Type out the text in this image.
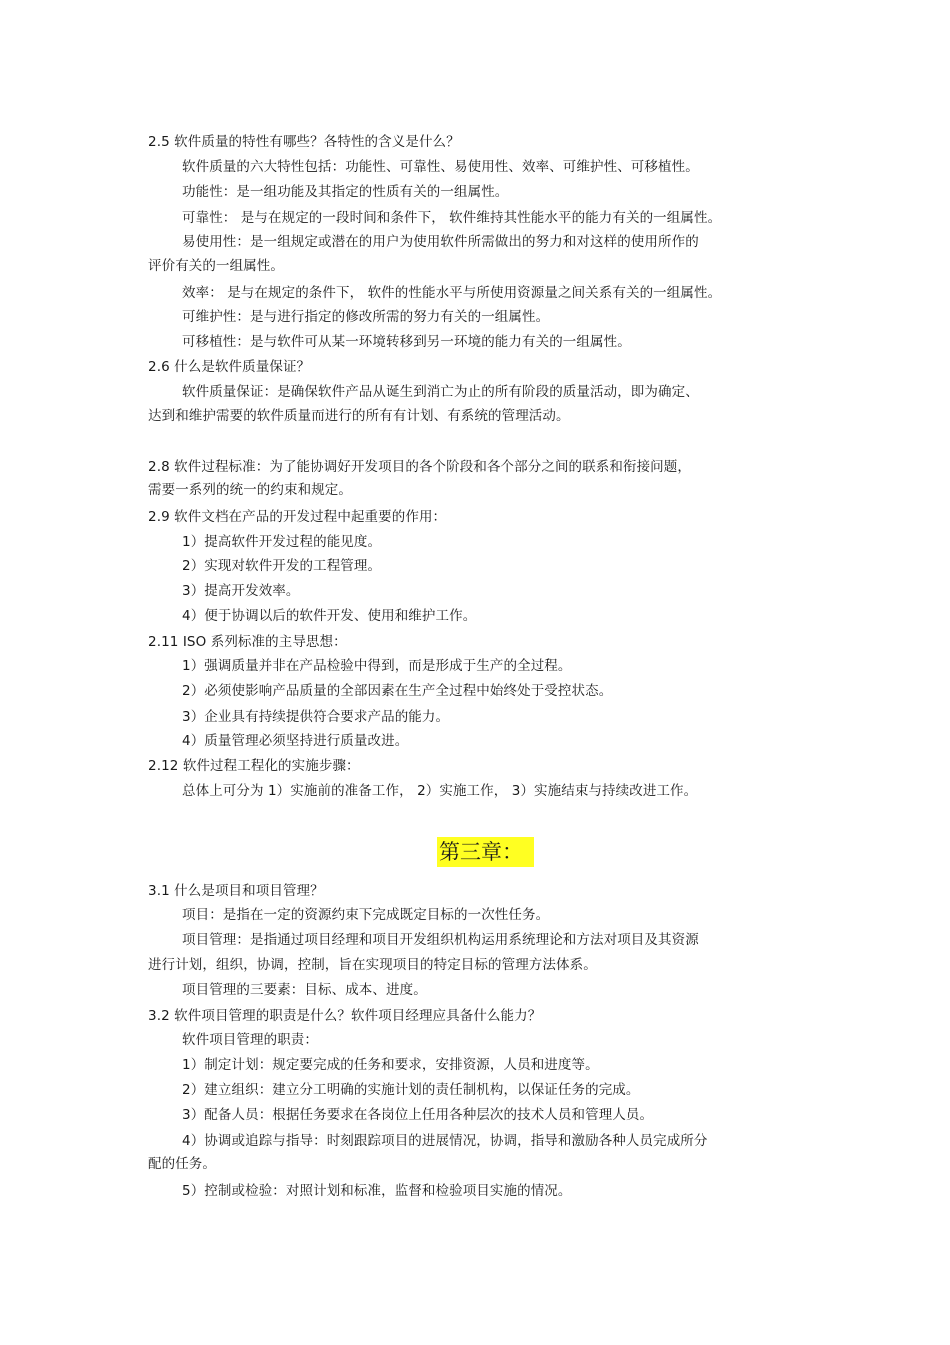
2.5 软件质量的特性有哪些？各特性的含义是什么？
软件质量的六大特性包括：功能性、可靠性、易使用性、效率、可维护性、可移植性。
功能性：是一组功能及其指定的性质有关的一组属性。
可靠性： 是与在规定的一段时间和条件下， 软件维持其性能水平的能力有关的一组属性。
易使用性：是一组规定或潜在的用户为使用软件所需做出的努力和对这样的使用所作的
评价有关的一组属性。
效率： 是与在规定的条件下， 软件的性能水平与所使用资源量之间关系有关的一组属性。
可维护性：是与进行指定的修改所需的努力有关的一组属性。
可移植性：是与软件可从某一环境转移到另一环境的能力有关的一组属性。
2.6 什么是软件质量保证？
软件质量保证：是确保软件产品从诞生到消亡为止的所有阶段的质量活动，即为确定、
达到和维护需要的软件质量而进行的所有有计划、有系统的管理活动。
2.8 软件过程标准：为了能协调好开发项目的各个阶段和各个部分之间的联系和衔接问题，
需要一系列的统一的约束和规定。
2.9 软件文档在产品的开发过程中起重要的作用：
1）提高软件开发过程的能见度。
2）实现对软件开发的工程管理。
3）提高开发效率。
4）便于协调以后的软件开发、使用和维护工作。
2.11 ISO 系列标准的主导思想：
1）强调质量并非在产品检验中得到，而是形成于生产的全过程。
2）必须使影响产品质量的全部因素在生产全过程中始终处于受控状态。
3）企业具有持续提供符合要求产品的能力。
4）质量管理必须坚持进行质量改进。
2.12 软件过程工程化的实施步骤：
总体上可分为 1）实施前的准备工作， 2）实施工作， 3）实施结束与持续改进工作。
第三章：
3.1 什么是项目和项目管理？
项目：是指在一定的资源约束下完成既定目标的一次性任务。
项目管理：是指通过项目经理和项目开发组织机构运用系统理论和方法对项目及其资源
进行计划，组织，协调，控制，旨在实现项目的特定目标的管理方法体系。
项目管理的三要素：目标、成本、进度。
3.2 软件项目管理的职责是什么？软件项目经理应具备什么能力？
软件项目管理的职责：
1）制定计划：规定要完成的任务和要求，安排资源，人员和进度等。
2）建立组织：建立分工明确的实施计划的责任制机构，以保证任务的完成。
3）配备人员：根据任务要求在各岗位上任用各种层次的技术人员和管理人员。
4）协调或追踪与指导：时刻跟踪项目的进展情况，协调，指导和激励各种人员完成所分
配的任务。
5）控制或检验：对照计划和标准，监督和检验项目实施的情况。
